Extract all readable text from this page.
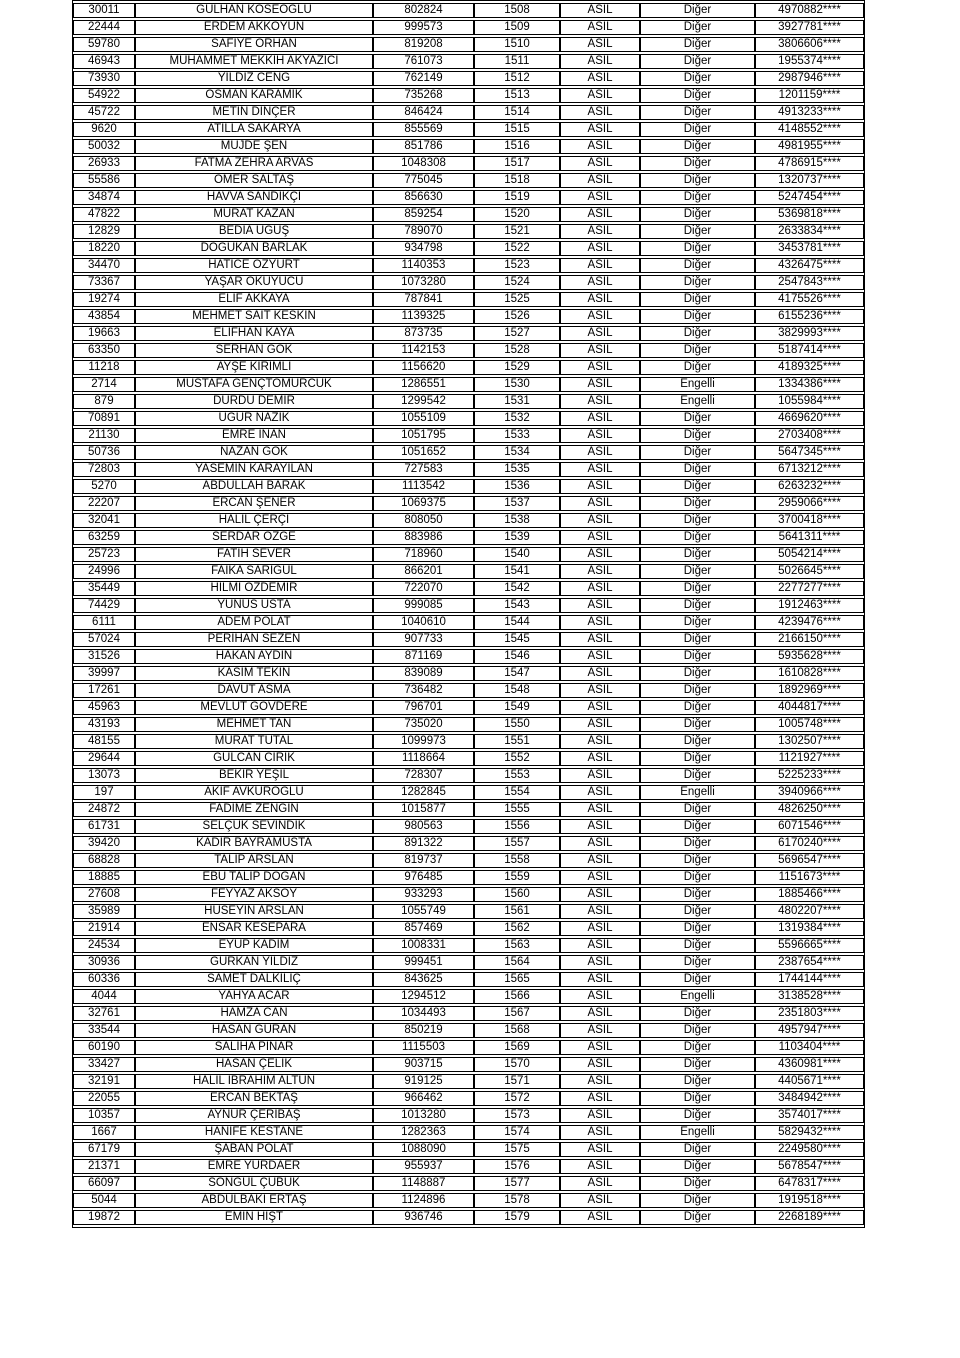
30011	GÜLHAN KÖSEOĞLU	802824	1508	ASİL	Diğer	4970882****
22444	ERDEM AKKOYUN	999573	1509	ASİL	Diğer	3927781****
59780	SAFİYE ORHAN	819208	1510	ASİL	Diğer	3806606****
46943	MUHAMMET MEKKİH AKYAZICI	761073	1511	ASİL	Diğer	1955374****
73930	YILDIZ CENG	762149	1512	ASİL	Diğer	2987946****
54922	OSMAN KARAMIK	735268	1513	ASİL	Diğer	1201159****
45722	METİN DİNÇER	846424	1514	ASİL	Diğer	4913233****
9620	ATİLLA SAKARYA	855569	1515	ASİL	Diğer	4148552****
50032	MÜJDE ŞEN	851786	1516	ASİL	Diğer	4981955****
26933	FATMA ZEHRA ARVAS	1048308	1517	ASİL	Diğer	4786915****
55586	ÖMER SALTAŞ	775045	1518	ASİL	Diğer	1320737****
34874	HAVVA SANDIKÇI	856630	1519	ASİL	Diğer	5247454****
47822	MURAT KAZAN	859254	1520	ASİL	Diğer	5369818****
12829	BEDİA UĞUŞ	789070	1521	ASİL	Diğer	2633834****
18220	DOĞUKAN BARLAK	934798	1522	ASİL	Diğer	3453781****
34470	HATİCE ÖZYURT	1140353	1523	ASİL	Diğer	4326475****
73367	YAŞAR OKUYUCU	1073280	1524	ASİL	Diğer	2547843****
19274	ELİF AKKAYA	787841	1525	ASİL	Diğer	4175526****
43854	MEHMET SAİT KESKİN	1139325	1526	ASİL	Diğer	6155236****
19663	ELİFHAN KAYA	873735	1527	ASİL	Diğer	3829993****
63350	SERHAN GÖK	1142153	1528	ASİL	Diğer	5187414****
11218	AYŞE KIRIMLI	1156620	1529	ASİL	Diğer	4189325****
2714	MUSTAFA GENÇTOMURCUK	1286551	1530	ASİL	Engelli	1334386****
879	DURDU DEMİR	1299542	1531	ASİL	Engelli	1055984****
70891	UĞUR NAZİK	1055109	1532	ASİL	Diğer	4669620****
21130	EMRE İNAN	1051795	1533	ASİL	Diğer	2703408****
50736	NAZAN GÖK	1051652	1534	ASİL	Diğer	5647345****
72803	YASEMİN KARAYILAN	727583	1535	ASİL	Diğer	6713212****
5270	ABDULLAH BARAK	1113542	1536	ASİL	Diğer	6263232****
22207	ERCAN ŞENER	1069375	1537	ASİL	Diğer	2959066****
32041	HALİL ÇERÇİ	808050	1538	ASİL	Diğer	3700418****
63259	SERDAR ÖZGE	883986	1539	ASİL	Diğer	5641311****
25723	FATİH SEVER	718960	1540	ASİL	Diğer	5054214****
24996	FAİKA SARIGÜL	866201	1541	ASİL	Diğer	5026645****
35449	HİLMİ ÖZDEMİR	722070	1542	ASİL	Diğer	2277277****
74429	YUNUS USTA	999085	1543	ASİL	Diğer	1912463****
6111	ADEM POLAT	1040610	1544	ASİL	Diğer	4239476****
57024	PERİHAN SEZEN	907733	1545	ASİL	Diğer	2166150****
31526	HAKAN AYDIN	871169	1546	ASİL	Diğer	5935628****
39997	KASIM TEKİN	839089	1547	ASİL	Diğer	1610828****
17261	DAVUT ASMA	736482	1548	ASİL	Diğer	1892969****
45963	MEVLÜT GÖVDERE	796701	1549	ASİL	Diğer	4044817****
43193	MEHMET TAN	735020	1550	ASİL	Diğer	1005748****
48155	MURAT TUTAL	1099973	1551	ASİL	Diğer	1302507****
29644	GÜLCAN CIRIK	1118664	1552	ASİL	Diğer	1121927****
13073	BEKİR YEŞİL	728307	1553	ASİL	Diğer	5225233****
197	AKİF AVKUROĞLU	1282845	1554	ASİL	Engelli	3940966****
24872	FADİME ZENGİN	1015877	1555	ASİL	Diğer	4826250****
61731	SELÇUK SEVİNDİK	980563	1556	ASİL	Diğer	6071546****
39420	KADİR BAYRAMUSTA	891322	1557	ASİL	Diğer	6170240****
68828	TALİP ARSLAN	819737	1558	ASİL	Diğer	5696547****
18885	EBU TALİP DOĞAN	976485	1559	ASİL	Diğer	1151673****
27608	FEYYAZ AKSOY	933293	1560	ASİL	Diğer	1885466****
35989	HÜSEYİN ARSLAN	1055749	1561	ASİL	Diğer	4802207****
21914	ENSAR KESEPARA	857469	1562	ASİL	Diğer	1319384****
24534	EYÜP KADİM	1008331	1563	ASİL	Diğer	5596665****
30936	GÜRKAN YILDIZ	999451	1564	ASİL	Diğer	2387654****
60336	SAMET DALKILIÇ	843625	1565	ASİL	Diğer	1744144****
4044	YAHYA ACAR	1294512	1566	ASİL	Engelli	3138528****
32761	HAMZA CAN	1034493	1567	ASİL	Diğer	2351803****
33544	HASAN GÜRAN	850219	1568	ASİL	Diğer	4957947****
60190	SALİHA PINAR	1115503	1569	ASİL	Diğer	1103404****
33427	HASAN ÇELİK	903715	1570	ASİL	Diğer	4360981****
32191	HALİL İBRAHİM ALTUN	919125	1571	ASİL	Diğer	4405671****
22055	ERCAN BEKTAŞ	966462	1572	ASİL	Diğer	3484942****
10357	AYNUR ÇERİBAŞ	1013280	1573	ASİL	Diğer	3574017****
1667	HANİFE KESTANE	1282363	1574	ASİL	Engelli	5829432****
67179	ŞABAN POLAT	1088090	1575	ASİL	Diğer	2249580****
21371	EMRE YURDAER	955937	1576	ASİL	Diğer	5678547****
66097	SONGÜL ÇUBUK	1148887	1577	ASİL	Diğer	6478317****
5044	ABDULBAKİ ERTAŞ	1124896	1578	ASİL	Diğer	1919518****
19872	EMİN HIŞT	936746	1579	ASİL	Diğer	2268189****
